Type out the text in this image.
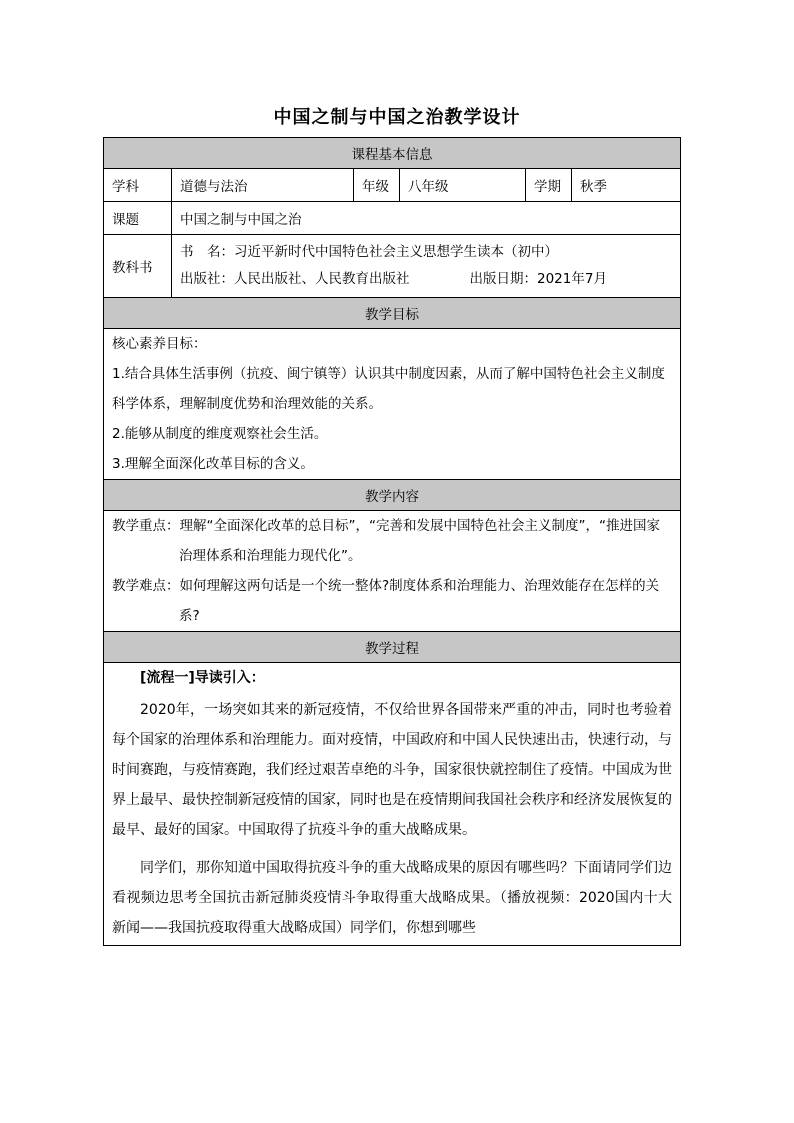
中国之制与中国之治教学设计
课程基本信息					
学科	道德与法治	年级	八年级	学期	秋季
课题	中国之制与中国之治				
教科书	书　名：习近平新时代中国特色社会主义思想学生读本（初中）
出版社：人民出版社、人民教育出版社 出版日期：2021年7月				

教学目标					

核心素养目标：

1.结合具体生活事例（抗疫、闽宁镇等）认识其中制度因素，从而了解中国特色社会主义制度科学体系，理解制度优势和治理效能的关系。

2.能够从制度的维度观察社会生活。

3.理解全面深化改革目标的含义。					

教学内容					

教学重点：理解“全面深化改革的总目标”，“完善和发展中国特色社会主义制度”，“推进国家治理体系和治理能力现代化”。

教学难点：如何理解这两句话是一个统一整体?制度体系和治理能力、治理效能存在怎样的关系?					

教学过程					

[流程一]导读引入：

2020年，一场突如其来的新冠疫情，不仅给世界各国带来严重的冲击，同时也考验着每个国家的治理体系和治理能力。面对疫情，中国政府和中国人民快速出击，快速行动，与时间赛跑，与疫情赛跑，我们经过艰苦卓绝的斗争，国家很快就控制住了疫情。中国成为世界上最早、最快控制新冠疫情的国家，同时也是在疫情期间我国社会秩序和经济发展恢复的最早、最好的国家。中国取得了抗疫斗争的重大战略成果。

同学们，那你知道中国取得抗疫斗争的重大战略成果的原因有哪些吗？下面请同学们边看视频边思考全国抗击新冠肺炎疫情斗争取得重大战略成果。（播放视频：2020国内十大新闻——我国抗疫取得重大战略成国）同学们，你想到哪些					
